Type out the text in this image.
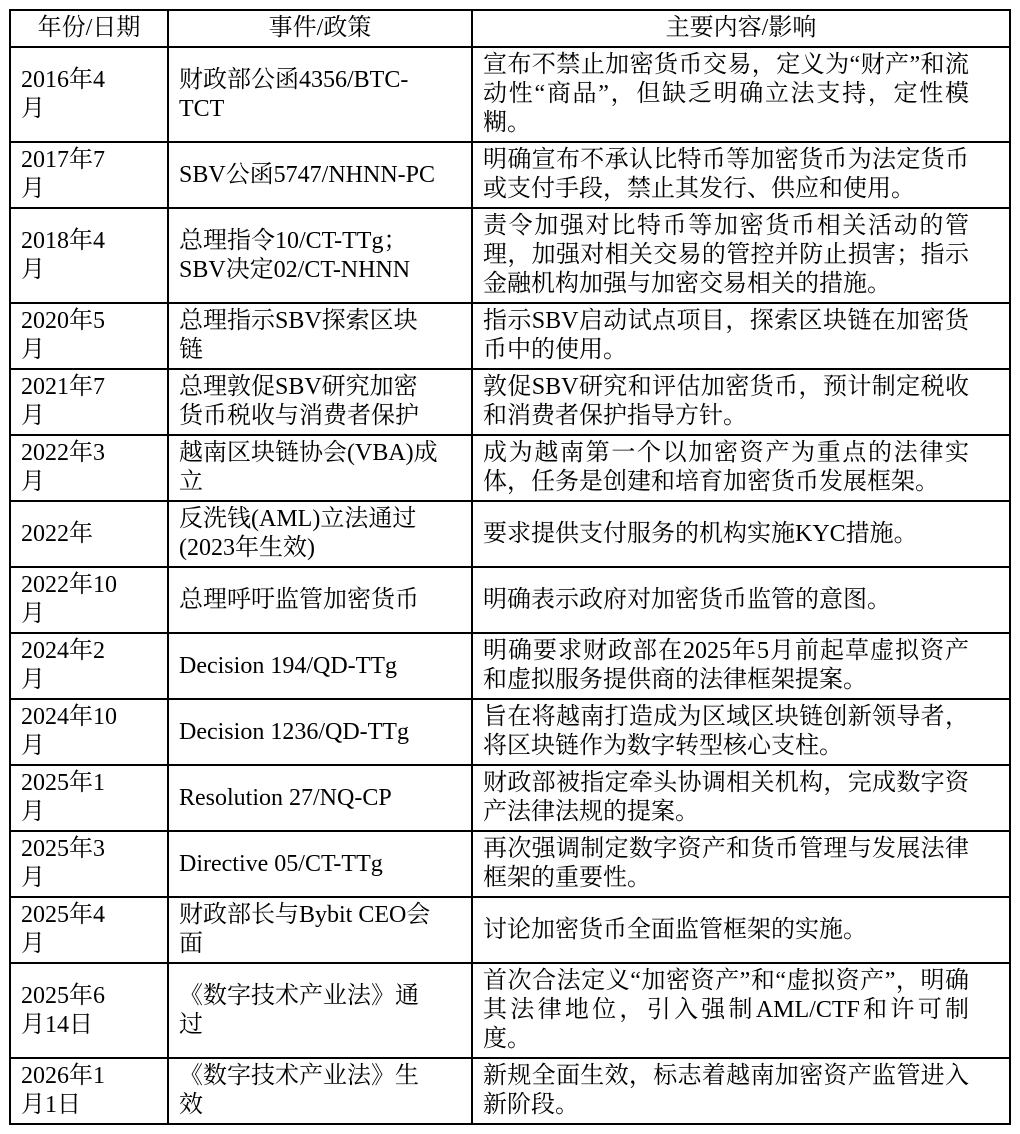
年份/日期	事件/政策	主要内容/影响
2016年4月	财政部公函4356/BTC-TCT	宣布不禁止加密货币交易，定义为“财产”和流动性“商品”，但缺乏明确立法支持，定性模糊。
2017年7月	SBV公函5747/NHNN-PC	明确宣布不承认比特币等加密货币为法定货币或支付手段，禁止其发行、供应和使用。
2018年4月	总理指令10/CT-TTg；SBV决定02/CT-NHNN	责令加强对比特币等加密货币相关活动的管理，加强对相关交易的管控并防止损害；指示金融机构加强与加密交易相关的措施。
2020年5月	总理指示SBV探索区块链	指示SBV启动试点项目，探索区块链在加密货币中的使用。
2021年7月	总理敦促SBV研究加密货币税收与消费者保护	敦促SBV研究和评估加密货币，预计制定税收和消费者保护指导方针。
2022年3月	越南区块链协会(VBA)成立	成为越南第一个以加密资产为重点的法律实体，任务是创建和培育加密货币发展框架。
2022年	反洗钱(AML)立法通过(2023年生效)	要求提供支付服务的机构实施KYC措施。
2022年10月	总理呼吁监管加密货币	明确表示政府对加密货币监管的意图。
2024年2月	Decision 194/QD-TTg	明确要求财政部在2025年5月前起草虚拟资产和虚拟服务提供商的法律框架提案。
2024年10月	Decision 1236/QD-TTg	旨在将越南打造成为区域区块链创新领导者，将区块链作为数字转型核心支柱。
2025年1月	Resolution 27/NQ-CP	财政部被指定牵头协调相关机构，完成数字资产法律法规的提案。
2025年3月	Directive 05/CT-TTg	再次强调制定数字资产和货币管理与发展法律框架的重要性。
2025年4月	财政部长与Bybit CEO会面	讨论加密货币全面监管框架的实施。
2025年6月14日	《数字技术产业法》通过	首次合法定义“加密资产”和“虚拟资产”，明确其法律地位，引入强制AML/CTF和许可制度。
2026年1月1日	《数字技术产业法》生效	新规全面生效，标志着越南加密资产监管进入新阶段。
